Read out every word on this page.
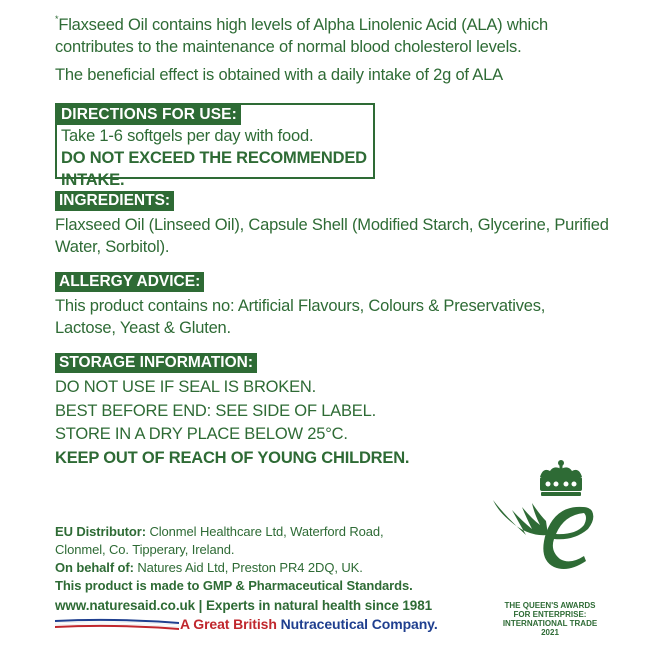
*Flaxseed Oil contains high levels of Alpha Linolenic Acid (ALA) which
contributes to the maintenance of normal blood cholesterol levels.
The beneficial effect is obtained with a daily intake of 2g of ALA
DIRECTIONS FOR USE:
Take 1-6 softgels per day with food.
DO NOT EXCEED THE RECOMMENDED INTAKE.
INGREDIENTS:
Flaxseed Oil (Linseed Oil), Capsule Shell (Modified Starch, Glycerine, Purified
Water, Sorbitol).
ALLERGY ADVICE:
This product contains no: Artificial Flavours, Colours & Preservatives,
Lactose, Yeast & Gluten.
STORAGE INFORMATION:
DO NOT USE IF SEAL IS BROKEN.
BEST BEFORE END: SEE SIDE OF LABEL.
STORE IN A DRY PLACE BELOW 25°C.
KEEP OUT OF REACH OF YOUNG CHILDREN.
EU Distributor: Clonmel Healthcare Ltd, Waterford Road,
Clonmel, Co. Tipperary, Ireland.
On behalf of: Natures Aid Ltd, Preston PR4 2DQ, UK.
This product is made to GMP & Pharmaceutical Standards.
www.naturesaid.co.uk | Experts in natural health since 1981
A Great British Nutraceutical Company.
THE QUEEN'S AWARDS
FOR ENTERPRISE:
INTERNATIONAL TRADE
2021
